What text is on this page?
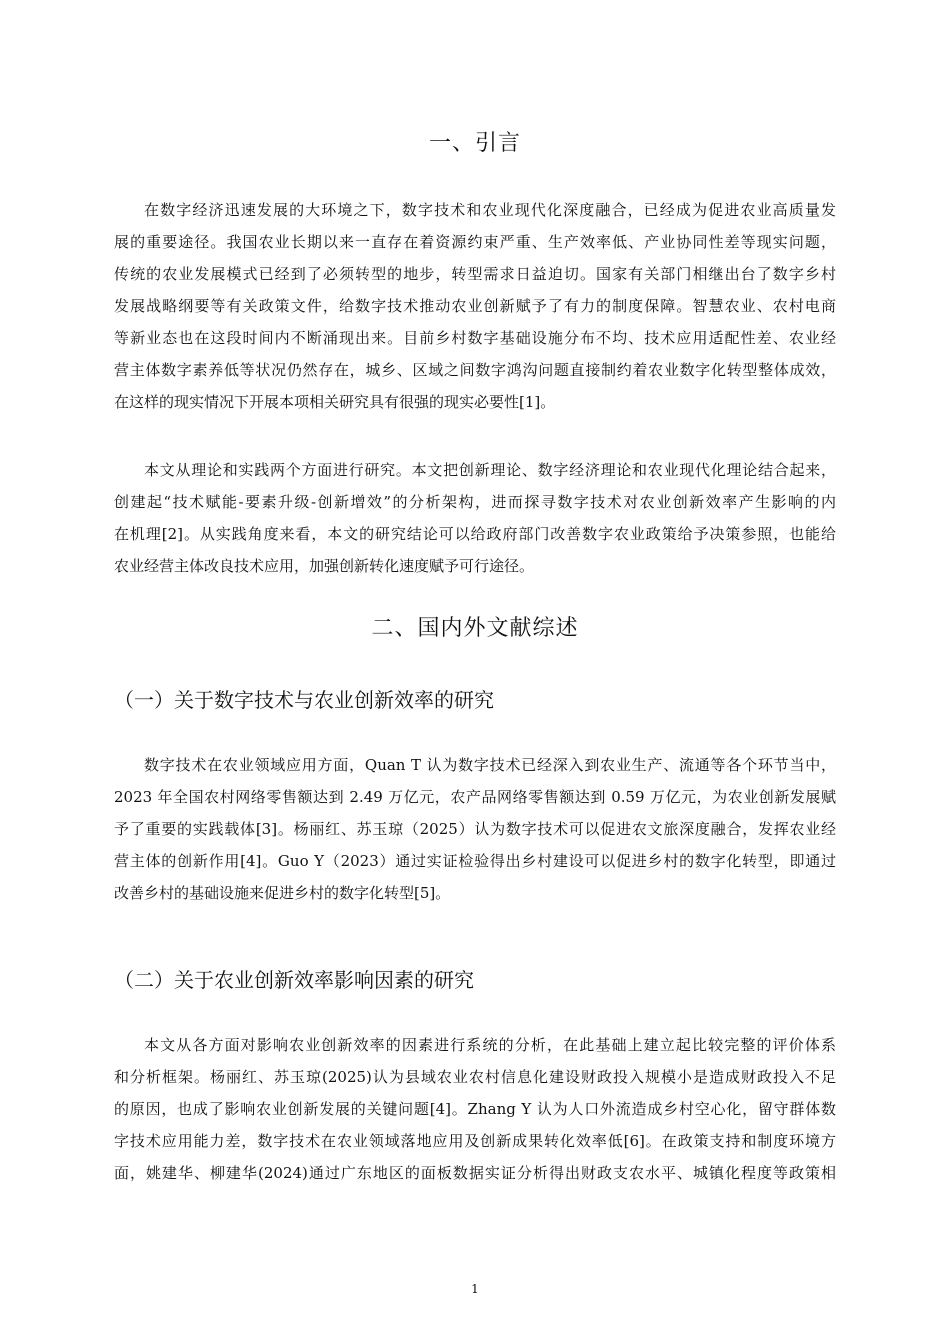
一、引言
在数字经济迅速发展的大环境之下，数字技术和农业现代化深度融合，已经成为促进农业高质量发
展的重要途径。我国农业长期以来一直存在着资源约束严重、生产效率低、产业协同性差等现实问题，
传统的农业发展模式已经到了必须转型的地步，转型需求日益迫切。国家有关部门相继出台了数字乡村
发展战略纲要等有关政策文件，给数字技术推动农业创新赋予了有力的制度保障。智慧农业、农村电商
等新业态也在这段时间内不断涌现出来。目前乡村数字基础设施分布不均、技术应用适配性差、农业经
营主体数字素养低等状况仍然存在，城乡、区域之间数字鸿沟问题直接制约着农业数字化转型整体成效，
在这样的现实情况下开展本项相关研究具有很强的现实必要性[1]。
本文从理论和实践两个方面进行研究。本文把创新理论、数字经济理论和农业现代化理论结合起来，
创建起“技术赋能-要素升级-创新增效”的分析架构，进而探寻数字技术对农业创新效率产生影响的内
在机理[2]。从实践角度来看，本文的研究结论可以给政府部门改善数字农业政策给予决策参照，也能给
农业经营主体改良技术应用，加强创新转化速度赋予可行途径。
二、国内外文献综述
（一）关于数字技术与农业创新效率的研究
数字技术在农业领域应用方面，Quan T 认为数字技术已经深入到农业生产、流通等各个环节当中，
2023 年全国农村网络零售额达到 2.49 万亿元，农产品网络零售额达到 0.59 万亿元，为农业创新发展赋
予了重要的实践载体[3]。杨丽红、苏玉琼（2025）认为数字技术可以促进农文旅深度融合，发挥农业经
营主体的创新作用[4]。Guo Y（2023）通过实证检验得出乡村建设可以促进乡村的数字化转型，即通过
改善乡村的基础设施来促进乡村的数字化转型[5]。
（二）关于农业创新效率影响因素的研究
本文从各方面对影响农业创新效率的因素进行系统的分析，在此基础上建立起比较完整的评价体系
和分析框架。杨丽红、苏玉琼(2025)认为县域农业农村信息化建设财政投入规模小是造成财政投入不足
的原因，也成了影响农业创新发展的关键问题[4]。Zhang Y 认为人口外流造成乡村空心化，留守群体数
字技术应用能力差，数字技术在农业领域落地应用及创新成果转化效率低[6]。在政策支持和制度环境方
面，姚建华、柳建华(2024)通过广东地区的面板数据实证分析得出财政支农水平、城镇化程度等政策相
1
